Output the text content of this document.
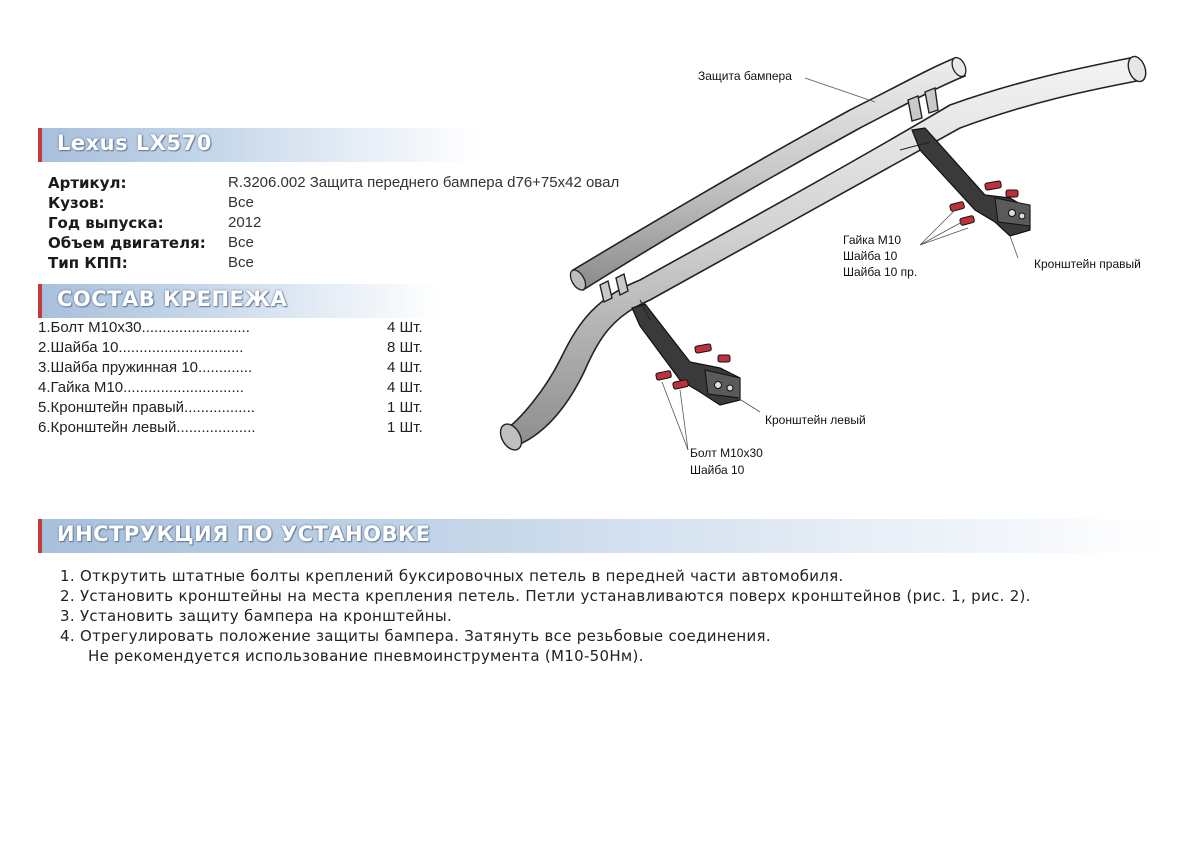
Lexus LX570
Артикул:	R.3206.002 Защита переднего бампера d76+75x42 овал
Кузов:	Все
Год выпуска:	2012
Объем двигателя:	Все
Тип КПП:	Все
СОСТАВ КРЕПЕЖА
1.Болт М10x30..........................	4 Шт.
2.Шайба 10..............................	8 Шт.
3.Шайба пружинная 10.............	4 Шт.
4.Гайка М10.............................	4 Шт.
5.Кронштейн правый.................	1 Шт.
6.Кронштейн левый...................	1 Шт.
Защита бампера
Гайка М10
Шайба 10
Шайба 10 пр.
Кронштейн правый
Кронштейн левый
Болт М10x30
Шайба 10
ИНСТРУКЦИЯ ПО УСТАНОВКЕ
1. Открутить штатные болты креплений буксировочных петель в передней части автомобиля.
2. Установить кронштейны на места крепления петель. Петли устанавливаются поверх кронштейнов (рис. 1, рис. 2).
3. Установить защиту бампера на кронштейны.
4. Отрегулировать положение защиты бампера. Затянуть все резьбовые соединения.
Не рекомендуется использование пневмоинструмента (М10-50Нм).
